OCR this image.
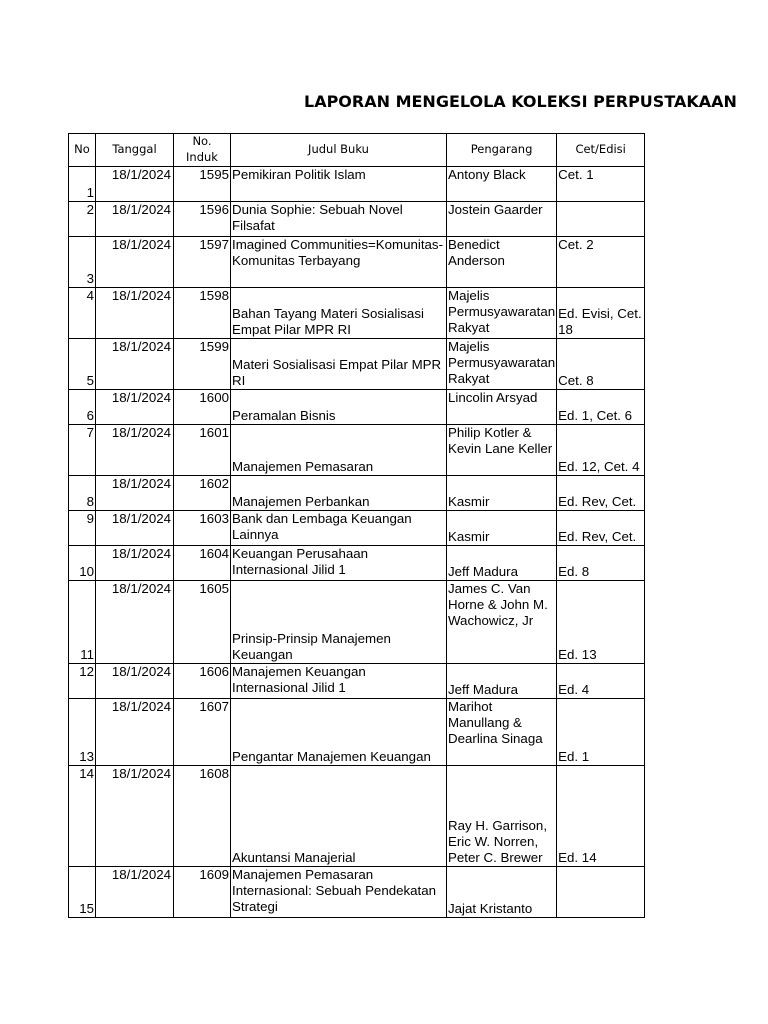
LAPORAN MENGELOLA KOLEKSI PERPUSTAKAAN
No	Tanggal	No. Induk	Judul Buku	Pengarang	Cet/Edisi
1	18/1/2024	1595	Pemikiran Politik Islam	Antony Black	Cet. 1
2	18/1/2024	1596	Dunia Sophie: Sebuah Novel Filsafat	Jostein Gaarder	
3	18/1/2024	1597	Imagined Communities=Komunitas-Komunitas Terbayang	Benedict Anderson	Cet. 2
4	18/1/2024	1598	Bahan Tayang Materi Sosialisasi Empat Pilar MPR RI	Majelis Permusyawaratan Rakyat	Ed. Evisi, Cet. 18
5	18/1/2024	1599	Materi Sosialisasi Empat Pilar MPR RI	Majelis Permusyawaratan Rakyat	Cet. 8
6	18/1/2024	1600	Peramalan Bisnis	Lincolin Arsyad	Ed. 1, Cet. 6
7	18/1/2024	1601	Manajemen Pemasaran	Philip Kotler & Kevin Lane Keller	Ed. 12, Cet. 4
8	18/1/2024	1602	Manajemen Perbankan	Kasmir	Ed. Rev, Cet.
9	18/1/2024	1603	Bank dan Lembaga Keuangan Lainnya	Kasmir	Ed. Rev, Cet.
10	18/1/2024	1604	Keuangan Perusahaan Internasional Jilid 1	Jeff Madura	Ed. 8
11	18/1/2024	1605	Prinsip-Prinsip Manajemen Keuangan	James C. Van Horne & John M. Wachowicz, Jr	Ed. 13
12	18/1/2024	1606	Manajemen Keuangan Internasional Jilid 1	Jeff Madura	Ed. 4
13	18/1/2024	1607	Pengantar Manajemen Keuangan	Marihot Manullang & Dearlina Sinaga	Ed. 1
14	18/1/2024	1608	Akuntansi Manajerial	Ray H. Garrison, Eric W. Norren, Peter C. Brewer	Ed. 14
15	18/1/2024	1609	Manajemen Pemasaran Internasional: Sebuah Pendekatan Strategi	Jajat Kristanto	
